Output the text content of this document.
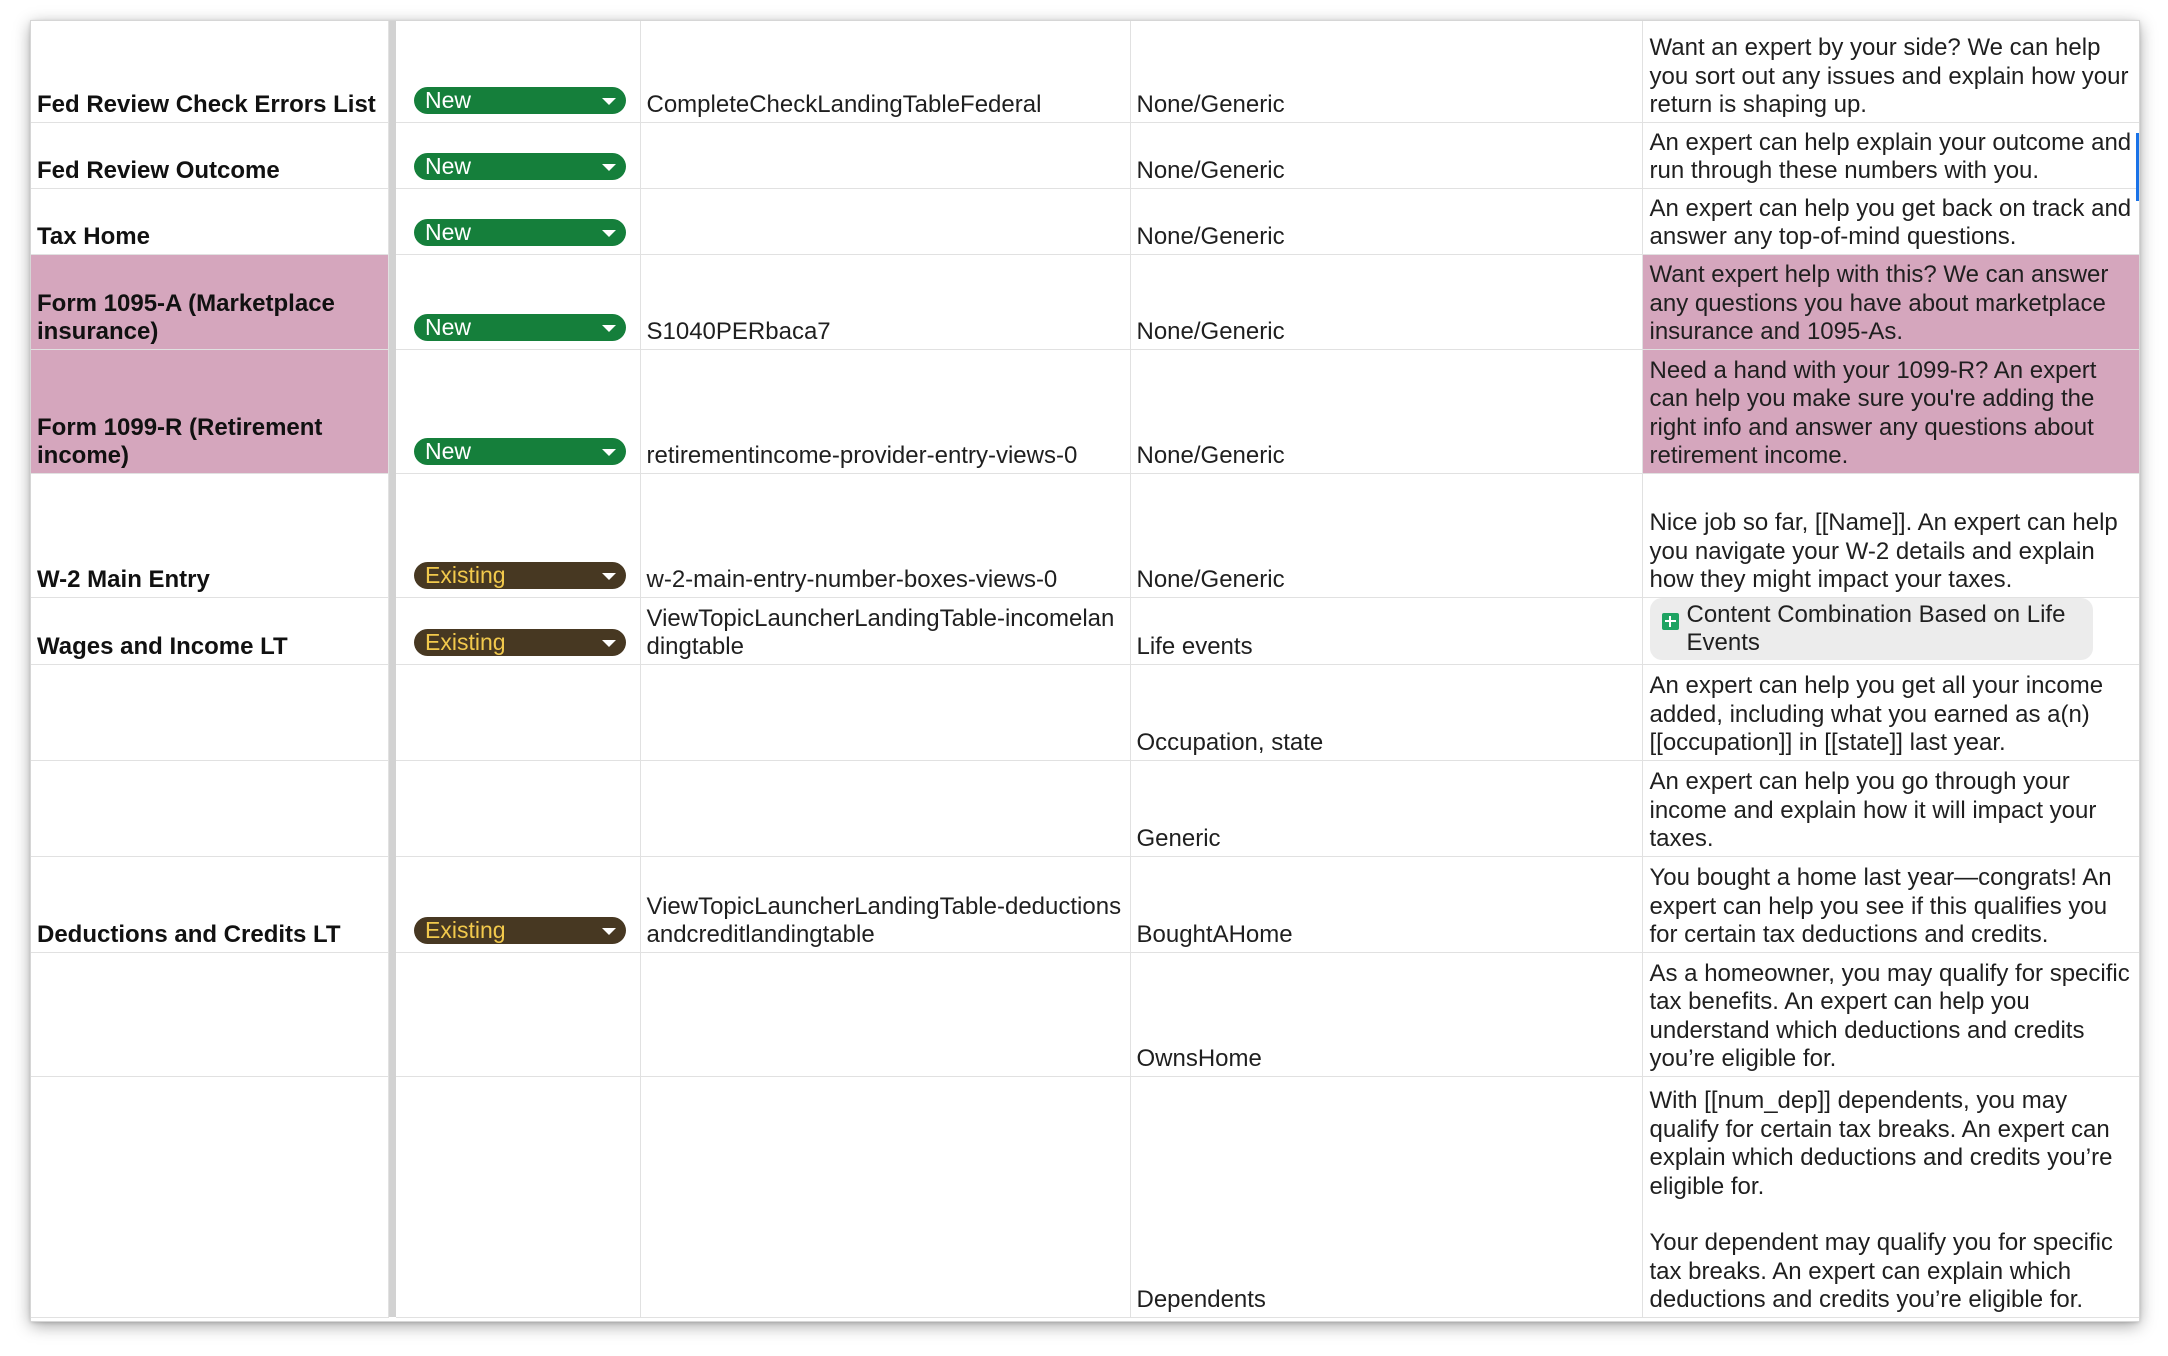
Fed Review Check Errors List		New	CompleteCheckLandingTableFederal	None/Generic	Want an expert by your side? We can help you sort out any issues and explain how your return is shaping up.

Fed Review Outcome		New		None/Generic	An expert can help explain your outcome and run through these numbers with you.

Tax Home		New		None/Generic	An expert can help you get back on track and answer any top-of-mind questions.

Form 1095-A (Marketplace insurance)		New	S1040PERbaca7	None/Generic	Want expert help with this? We can answer any questions you have about marketplace insurance and 1095-As.

Form 1099-R (Retirement income)		New	retirementincome-provider-entry-views-0	None/Generic	Need a hand with your 1099-R? An expert can help you make sure you're adding the right info and answer any questions about retirement income.

W-2 Main Entry		Existing	w-2-main-entry-number-boxes-views-0	None/Generic	Nice job so far, [[Name]]. An expert can help you navigate your W-2 details and explain how they might impact your taxes.

Wages and Income LT		Existing	ViewTopicLauncherLandingTable-incomelandingtable	Life events	Content Combination Based on Life Events

				Occupation, state	An expert can help you get all your income added, including what you earned as a(n) [[occupation]] in [[state]] last year.

				Generic	An expert can help you go through your income and explain how it will impact your taxes.

Deductions and Credits LT		Existing	ViewTopicLauncherLandingTable-deductionsandcreditlandingtable	BoughtAHome	You bought a home last year—congrats! An expert can help you see if this qualifies you for certain tax deductions and credits.

				OwnsHome	As a homeowner, you may qualify for specific tax benefits. An expert can help you understand which deductions and credits you’re eligible for.

				Dependents	With [[num_dep]] dependents, you may qualify for certain tax breaks. An expert can explain which deductions and credits you’re eligible for.
Your dependent may qualify you for specific tax breaks. An expert can explain which deductions and credits you’re eligible for.
